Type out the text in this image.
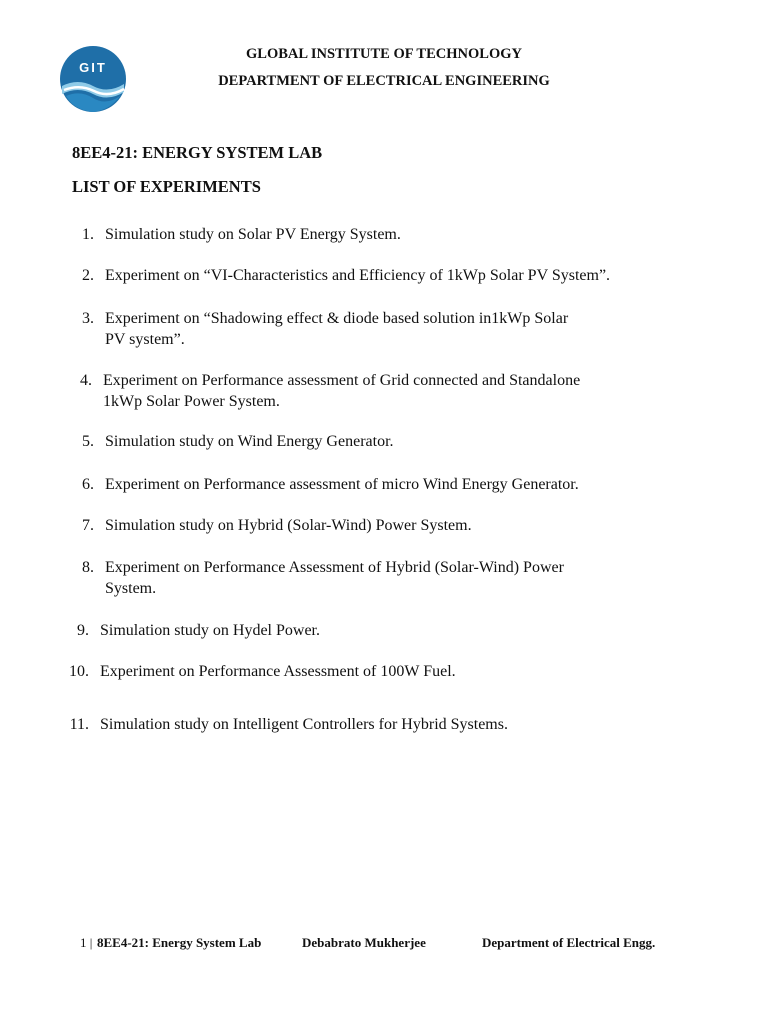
GIT
GLOBAL INSTITUTE OF TECHNOLOGY
DEPARTMENT OF ELECTRICAL ENGINEERING
8EE4-21: ENERGY SYSTEM LAB
LIST OF EXPERIMENTS
1. Simulation study on Solar PV Energy System.
2. Experiment on “VI-Characteristics and Efficiency of 1kWp Solar PV System”.
3. Experiment on “Shadowing effect & diode based solution in1kWp Solar
PV system”.
4. Experiment on Performance assessment of Grid connected and Standalone
1kWp Solar Power System.
5. Simulation study on Wind Energy Generator.
6. Experiment on Performance assessment of micro Wind Energy Generator.
7. Simulation study on Hybrid (Solar-Wind) Power System.
8. Experiment on Performance Assessment of Hybrid (Solar-Wind) Power
System.
9. Simulation study on Hydel Power.
10. Experiment on Performance Assessment of 100W Fuel.
11. Simulation study on Intelligent Controllers for Hybrid Systems.
1 | 8EE4-21: Energy System Lab	Debabrato Mukherjee	Department of Electrical Engg.
